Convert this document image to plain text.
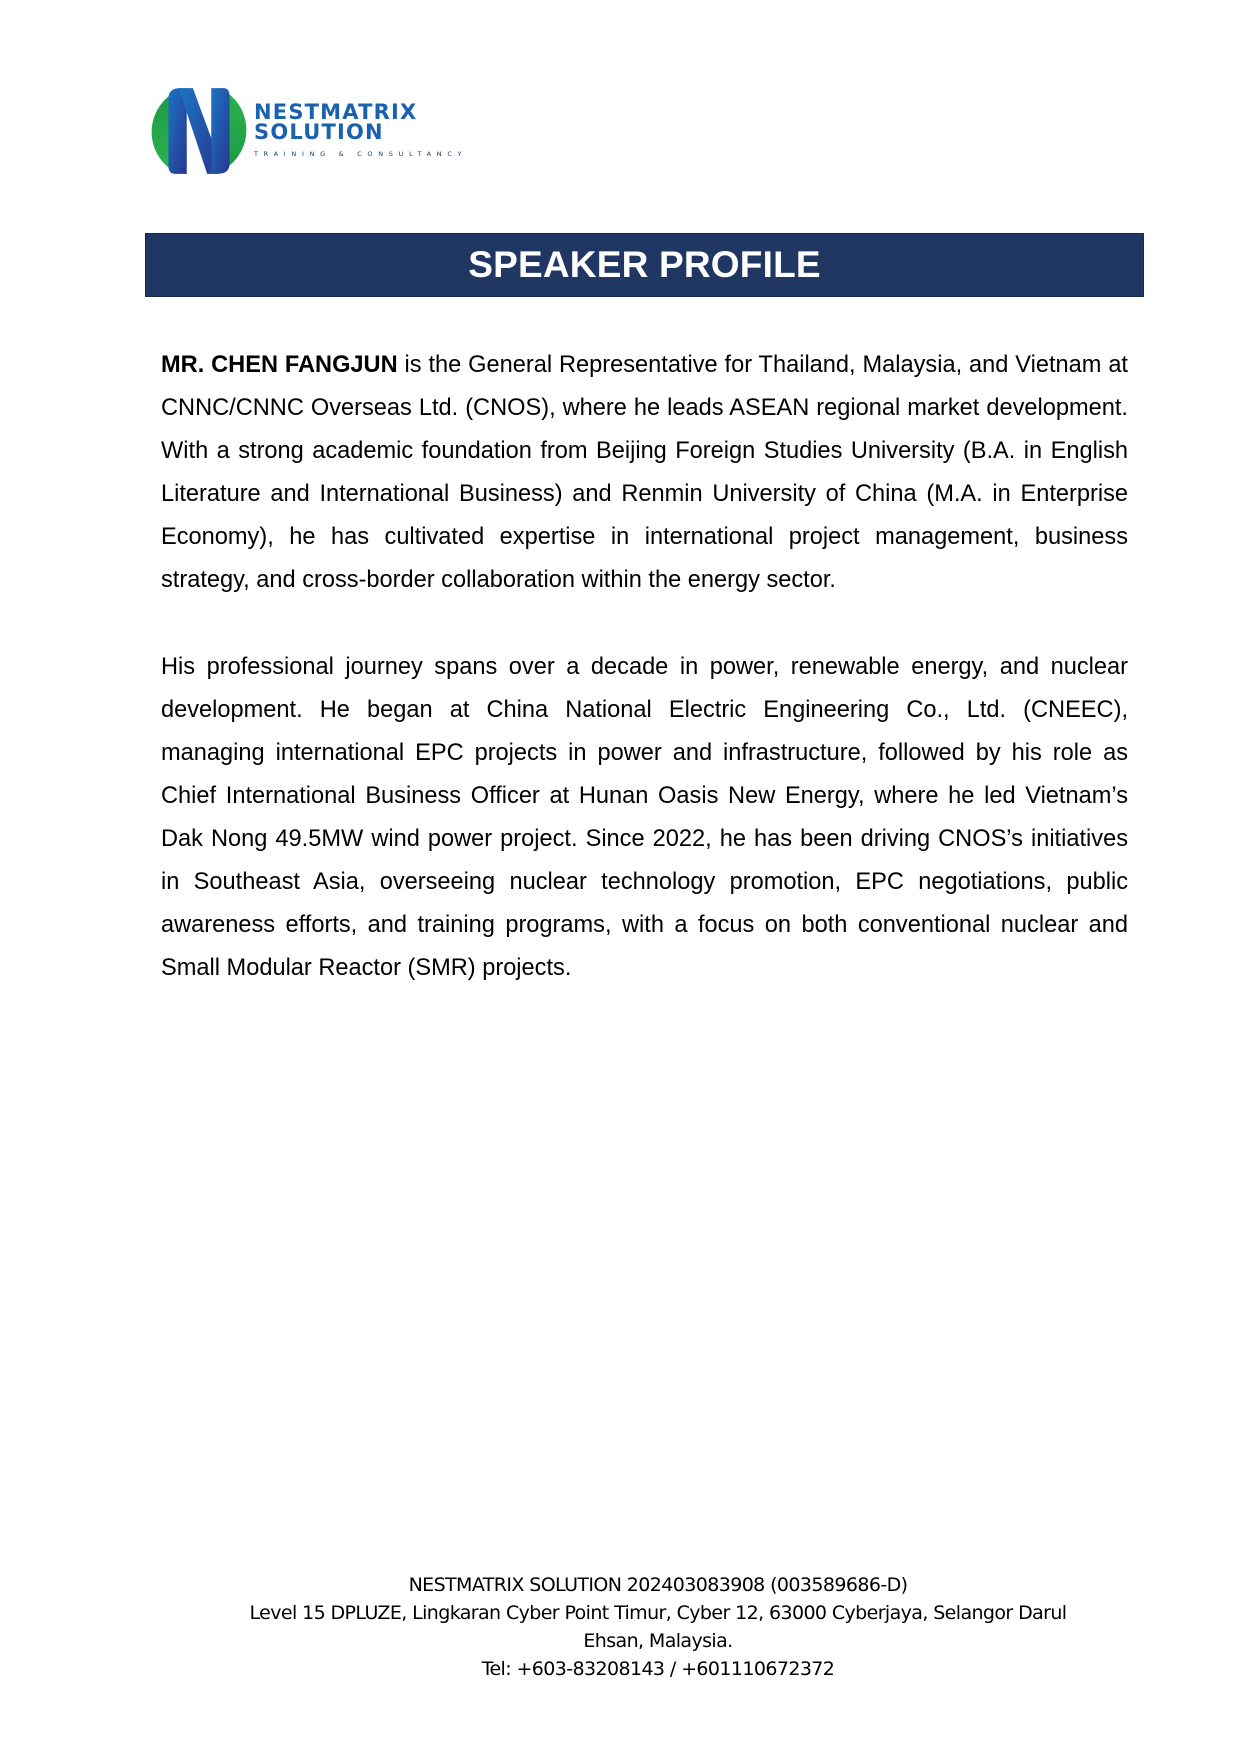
NESTMATRIX
SOLUTION
TRAINING & CONSULTANCY
SPEAKER PROFILE

MR. CHEN FANGJUN is the General Representative for Thailand, Malaysia, and Vietnam at CNNC/CNNC Overseas Ltd. (CNOS), where he leads ASEAN regional market development. With a strong academic foundation from Beijing Foreign Studies University (B.A. in English Literature and International Business) and Renmin University of China (M.A. in Enterprise Economy), he has cultivated expertise in international project management, business strategy, and cross-border collaboration within the energy sector.

His professional journey spans over a decade in power, renewable energy, and nuclear development. He began at China National Electric Engineering Co., Ltd. (CNEEC), managing international EPC projects in power and infrastructure, followed by his role as Chief International Business Officer at Hunan Oasis New Energy, where he led Vietnam’s Dak Nong 49.5MW wind power project. Since 2022, he has been driving CNOS’s initiatives in Southeast Asia, overseeing nuclear technology promotion, EPC negotiations, public awareness efforts, and training programs, with a focus on both conventional nuclear and Small Modular Reactor (SMR) projects.

NESTMATRIX SOLUTION 202403083908 (003589686-D)
Level 15 DPLUZE, Lingkaran Cyber Point Timur, Cyber 12, 63000 Cyberjaya, Selangor Darul
Ehsan, Malaysia.
Tel: +603-83208143 / +601110672372
